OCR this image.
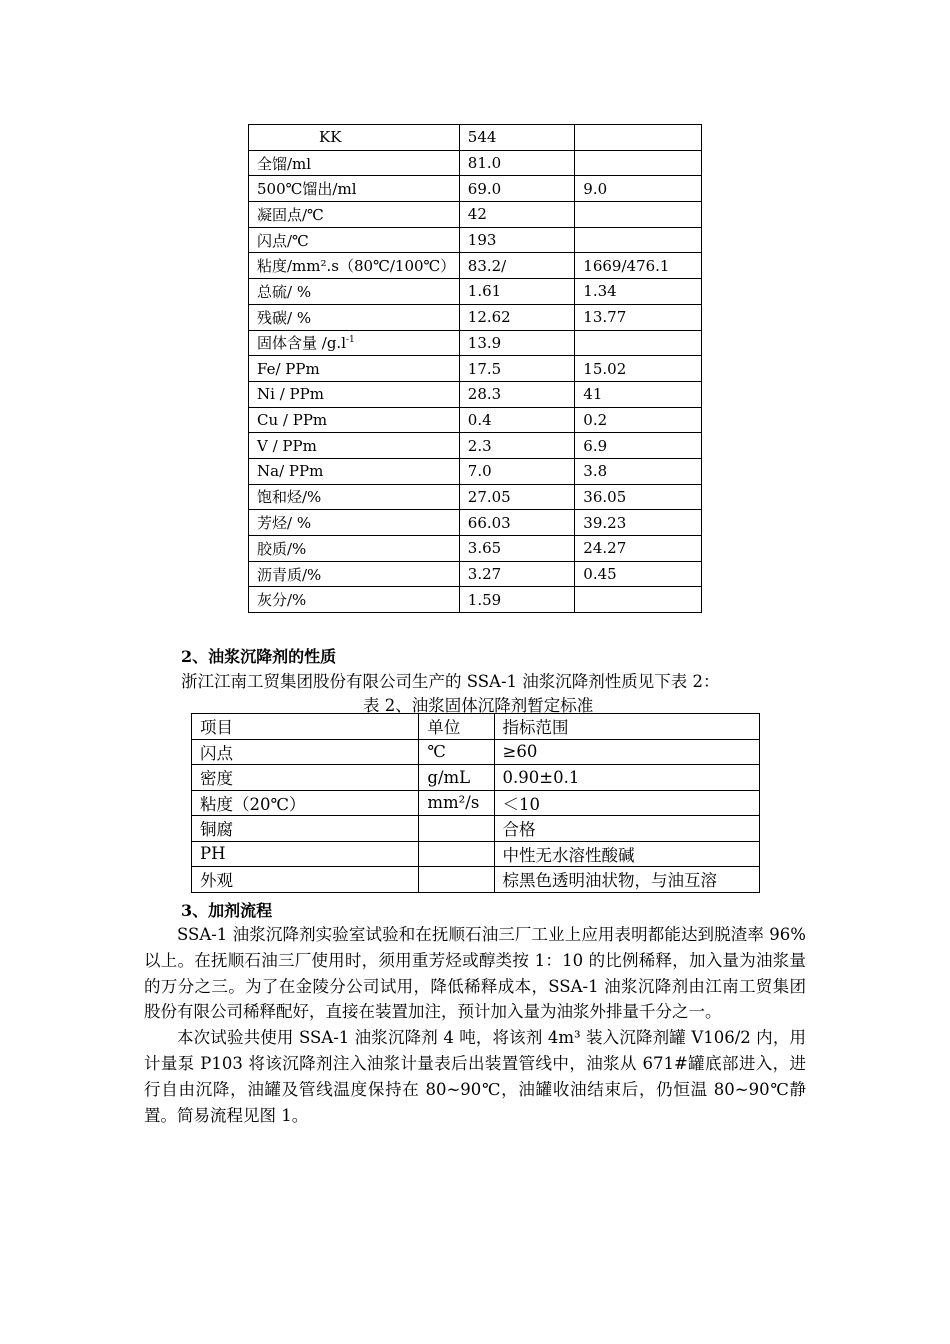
KK	544	
全馏/ml	81.0	
500℃馏出/ml	69.0	9.0
凝固点/℃	42	
闪点/℃	193	
粘度/mm².s（80℃/100℃）	83.2/	1669/476.1
总硫/ %	1.61	1.34
残碳/ %	12.62	13.77
固体含量 $/g.l^{-1}$	13.9	
Fe/ PPm	17.5	15.02
Ni / PPm	28.3	41
Cu / PPm	0.4	0.2
V / PPm	2.3	6.9
Na/ PPm	7.0	3.8
饱和烃/%	27.05	36.05
芳烃/ %	66.03	39.23
胶质/%	3.65	24.27
沥青质/%	3.27	0.45
灰分/%	1.59	
2、油浆沉降剂的性质
浙江江南工贸集团股份有限公司生产的 SSA-1 油浆沉降剂性质见下表 2：
表 2、油浆固体沉降剂暂定标准
项目	单位	指标范围
闪点	℃	≥60
密度	g/mL	0.90±0.1
粘度（20℃）	mm²/s	＜10
铜腐		合格
PH		中性无水溶性酸碱
外观		棕黑色透明油状物，与油互溶
3、加剂流程

SSA-1 油浆沉降剂实验室试验和在抚顺石油三厂工业上应用表明都能达到脱渣率 96%以上。在抚顺石油三厂使用时，须用重芳烃或醇类按 1：10 的比例稀释，加入量为油浆量的万分之三。为了在金陵分公司试用，降低稀释成本，SSA-1 油浆沉降剂由江南工贸集团股份有限公司稀释配好，直接在装置加注，预计加入量为油浆外排量千分之一。

本次试验共使用 SSA-1 油浆沉降剂 4 吨，将该剂 4m³ 装入沉降剂罐 V106/2 内，用计量泵 P103 将该沉降剂注入油浆计量表后出装置管线中，油浆从 671#罐底部进入，进行自由沉降，油罐及管线温度保持在 80~90℃，油罐收油结束后，仍恒温 80~90℃静置。简易流程见图 1。
